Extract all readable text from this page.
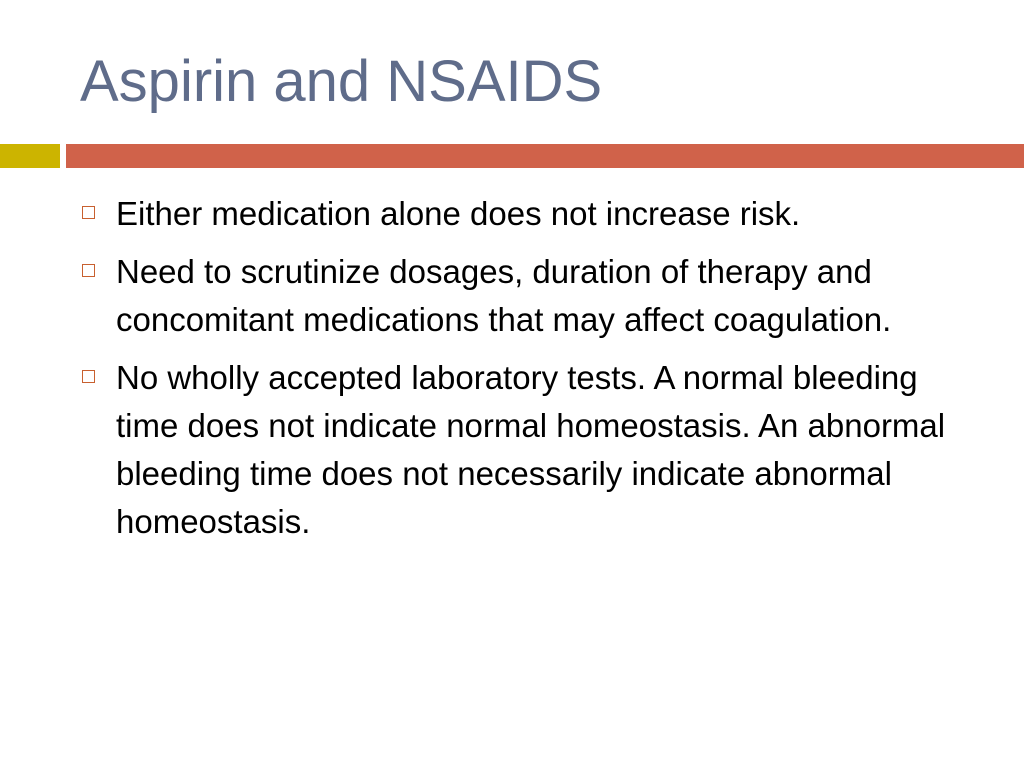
Aspirin and NSAIDS
Either medication alone does not increase risk.
Need to scrutinize dosages, duration of therapy and concomitant medications that may affect coagulation.
No wholly accepted laboratory tests. A normal bleeding time does not indicate normal homeostasis. An abnormal bleeding time does not necessarily indicate abnormal homeostasis.
